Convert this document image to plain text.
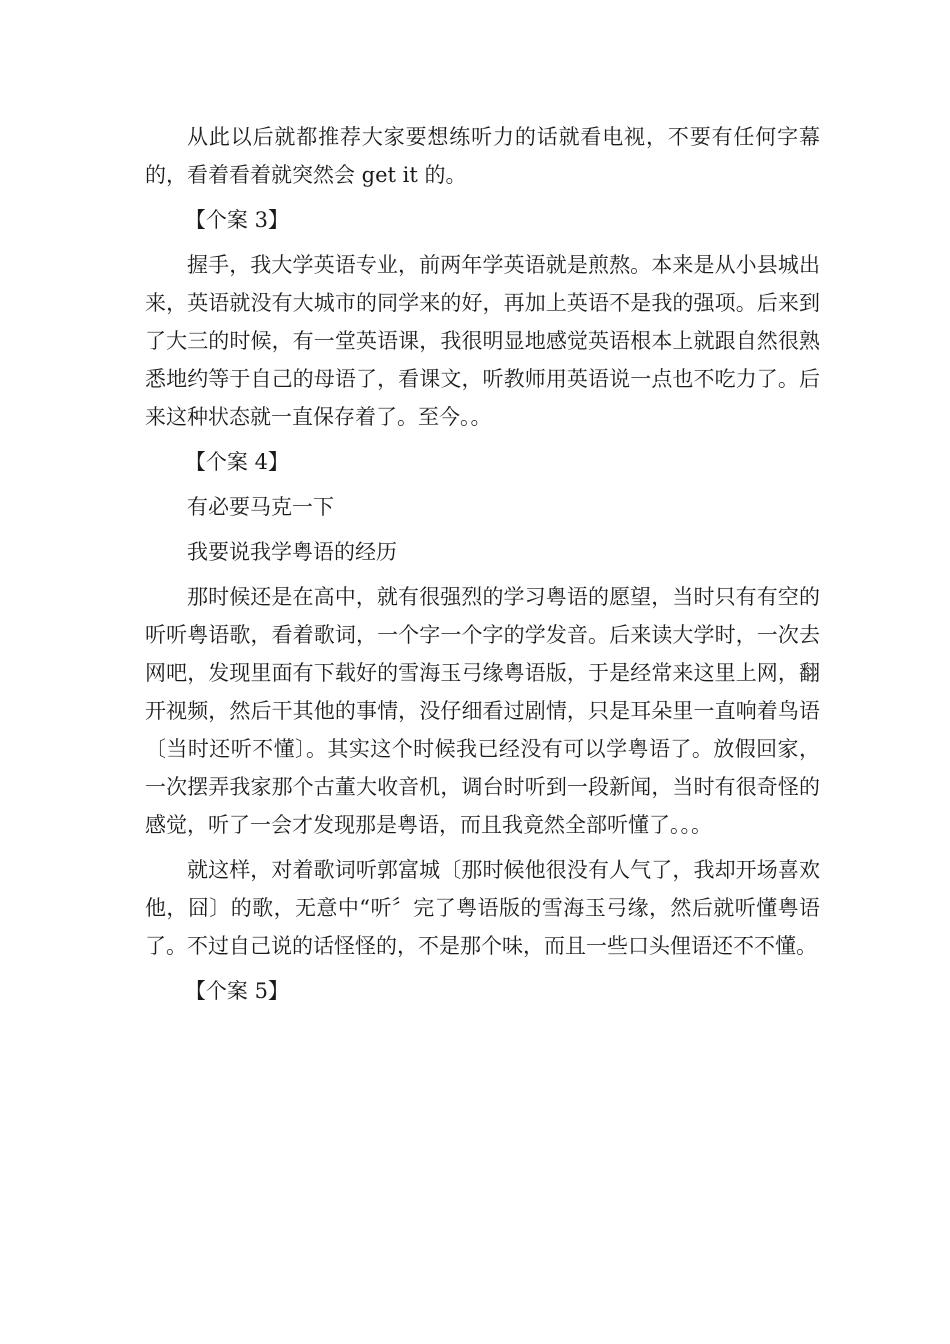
从此以后就都推荐大家要想练听力的话就看电视，不要有任何字幕的，看着看着就突然会 get it 的。

【个案 3】

握手，我大学英语专业，前两年学英语就是煎熬。本来是从小县城出来，英语就没有大城市的同学来的好，再加上英语不是我的强项。后来到了大三的时候，有一堂英语课，我很明显地感觉英语根本上就跟自然很熟悉地约等于自己的母语了，看课文，听教师用英语说一点也不吃力了。后来这种状态就一直保存着了。至今。。

【个案 4】

有必要马克一下

我要说我学粤语的经历

那时候还是在高中，就有很强烈的学习粤语的愿望，当时只有有空的听听粤语歌，看着歌词，一个字一个字的学发音。后来读大学时，一次去网吧，发现里面有下载好的雪海玉弓缘粤语版，于是经常来这里上网，翻开视频，然后干其他的事情，没仔细看过剧情，只是耳朵里一直响着鸟语〔当时还听不懂〕。其实这个时候我已经没有可以学粤语了。放假回家，一次摆弄我家那个古董大收音机，调台时听到一段新闻，当时有很奇怪的感觉，听了一会才发现那是粤语，而且我竟然全部听懂了。。。

就这样，对着歌词听郭富城〔那时候他很没有人气了，我却开场喜欢他，囧〕的歌，无意中“听〞完了粤语版的雪海玉弓缘，然后就听懂粤语了。不过自己说的话怪怪的，不是那个味，而且一些口头俚语还不不懂。

【个案 5】
